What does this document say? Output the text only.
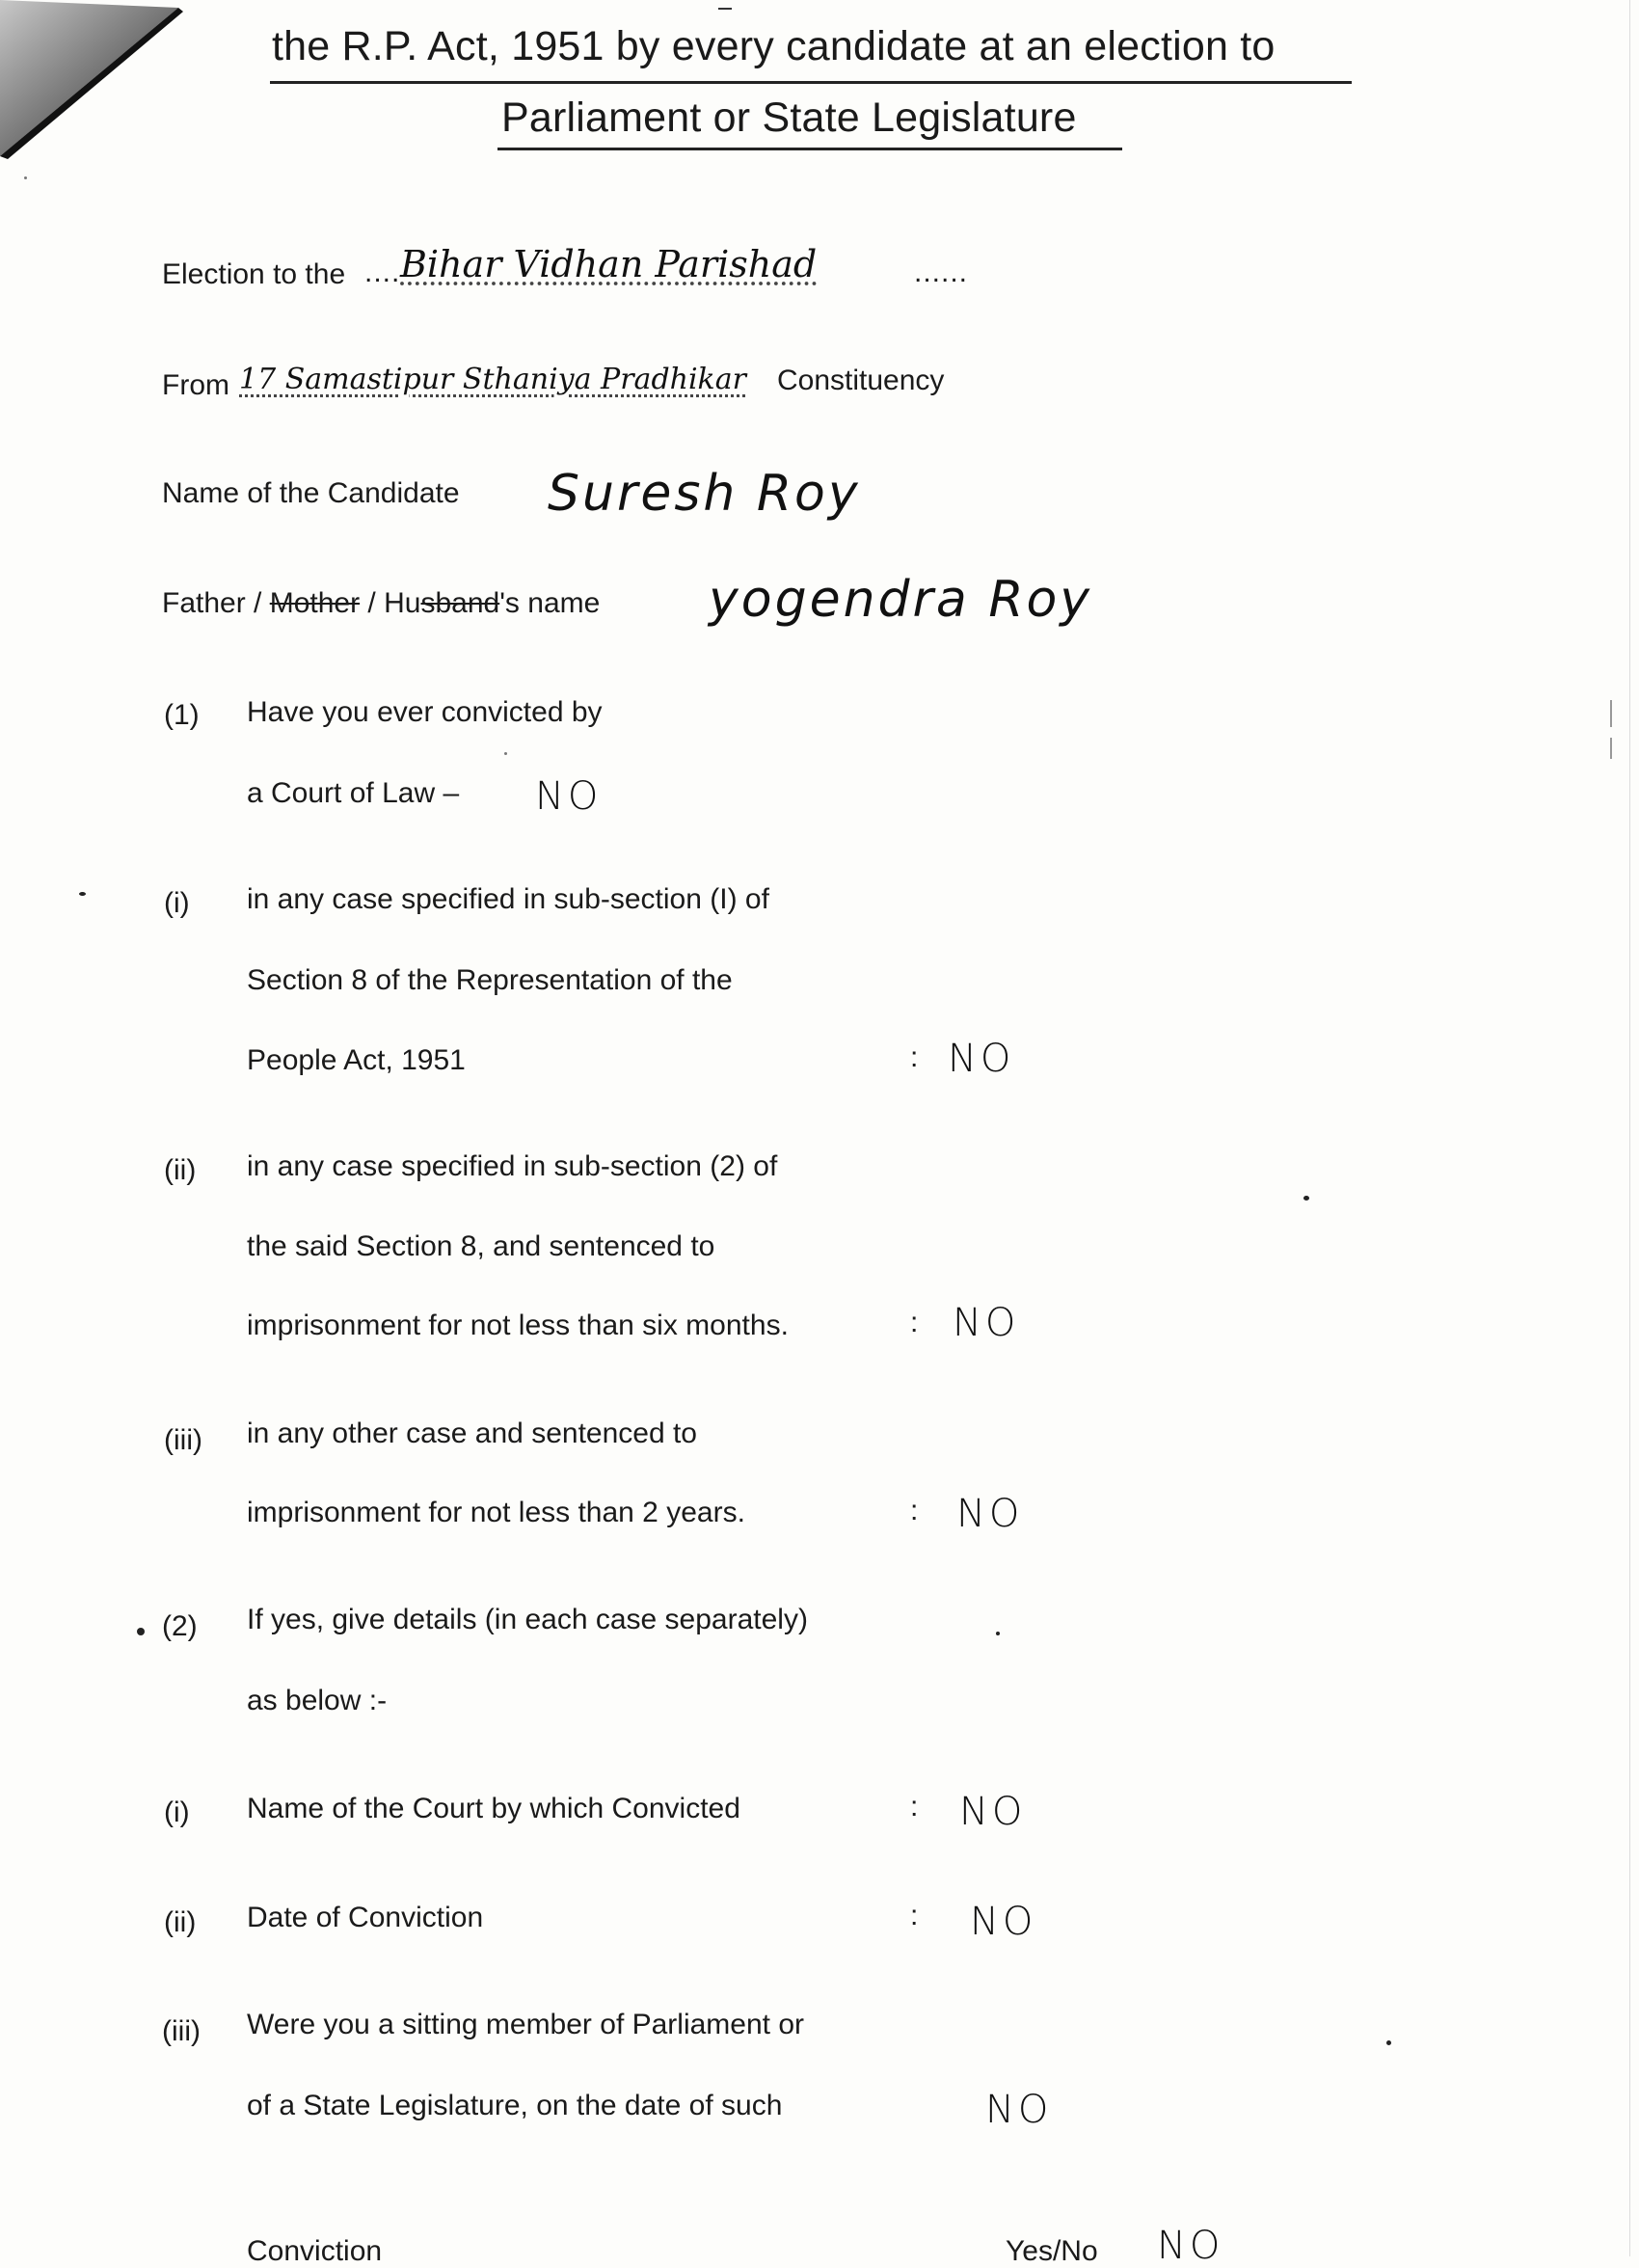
the R.P. Act, 1951 by every candidate at an election to
Parliament or State Legislature
Election to the .... Bihar Vidhan Parishad	......
From 17 Samastipur Sthaniya Pradhikar Constituency
Name of the Candidate Suresh Roy
Father / Mother / Husband's name yogendra Roy
(1) Have you ever convicted by
a Court of Law – NO
(i) in any case specified in sub-section (I) of
Section 8 of the Representation of the
People Act, 1951	: NO
(ii) in any case specified in sub-section (2) of
the said Section 8, and sentenced to
imprisonment for not less than six months.	: NO
(iii) in any other case and sentenced to
imprisonment for not less than 2 years.	: NO
(2) If yes, give details (in each case separately)
as below :-
(i) Name of the Court by which Convicted	: NO
(ii) Date of Conviction	: NO
(iii) Were you a sitting member of Parliament or
of a State Legislature, on the date of such	NO
Conviction	Yes/No NO
